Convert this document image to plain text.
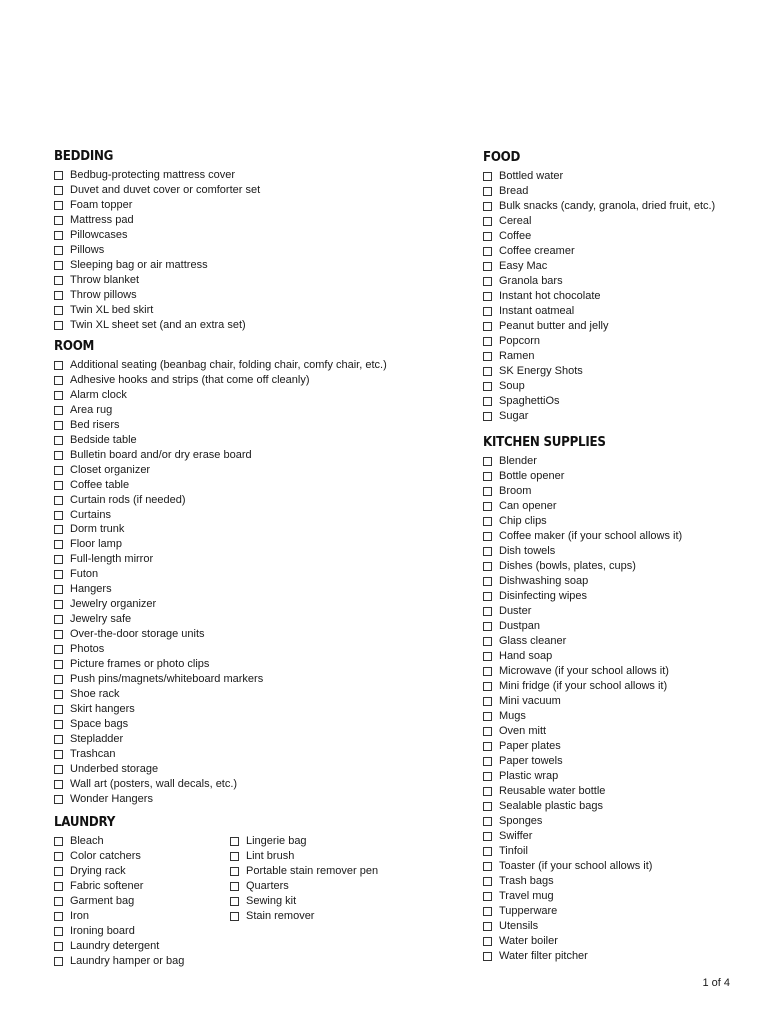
BEDDING
Bedbug-protecting mattress cover
Duvet and duvet cover or comforter set
Foam topper
Mattress pad
Pillowcases
Pillows
Sleeping bag or air mattress
Throw blanket
Throw pillows
Twin XL bed skirt
Twin XL sheet set (and an extra set)
ROOM
Additional seating (beanbag chair, folding chair, comfy chair, etc.)
Adhesive hooks and strips (that come off cleanly)
Alarm clock
Area rug
Bed risers
Bedside table
Bulletin board and/or dry erase board
Closet organizer
Coffee table
Curtain rods (if needed)
Curtains
Dorm trunk
Floor lamp
Full-length mirror
Futon
Hangers
Jewelry organizer
Jewelry safe
Over-the-door storage units
Photos
Picture frames or photo clips
Push pins/magnets/whiteboard markers
Shoe rack
Skirt hangers
Space bags
Stepladder
Trashcan
Underbed storage
Wall art (posters, wall decals, etc.)
Wonder Hangers
LAUNDRY
Bleach
Color catchers
Drying rack
Fabric softener
Garment bag
Iron
Ironing board
Laundry detergent
Laundry hamper or bag
Lingerie bag
Lint brush
Portable stain remover pen
Quarters
Sewing kit
Stain remover
FOOD
Bottled water
Bread
Bulk snacks (candy, granola, dried fruit, etc.)
Cereal
Coffee
Coffee creamer
Easy Mac
Granola bars
Instant hot chocolate
Instant oatmeal
Peanut butter and jelly
Popcorn
Ramen
SK Energy Shots
Soup
SpaghettiOs
Sugar
KITCHEN SUPPLIES
Blender
Bottle opener
Broom
Can opener
Chip clips
Coffee maker (if your school allows it)
Dish towels
Dishes (bowls, plates, cups)
Dishwashing soap
Disinfecting wipes
Duster
Dustpan
Glass cleaner
Hand soap
Microwave (if your school allows it)
Mini fridge (if your school allows it)
Mini vacuum
Mugs
Oven mitt
Paper plates
Paper towels
Plastic wrap
Reusable water bottle
Sealable plastic bags
Sponges
Swiffer
Tinfoil
Toaster (if your school allows it)
Trash bags
Travel mug
Tupperware
Utensils
Water boiler
Water filter pitcher
1 of 4
